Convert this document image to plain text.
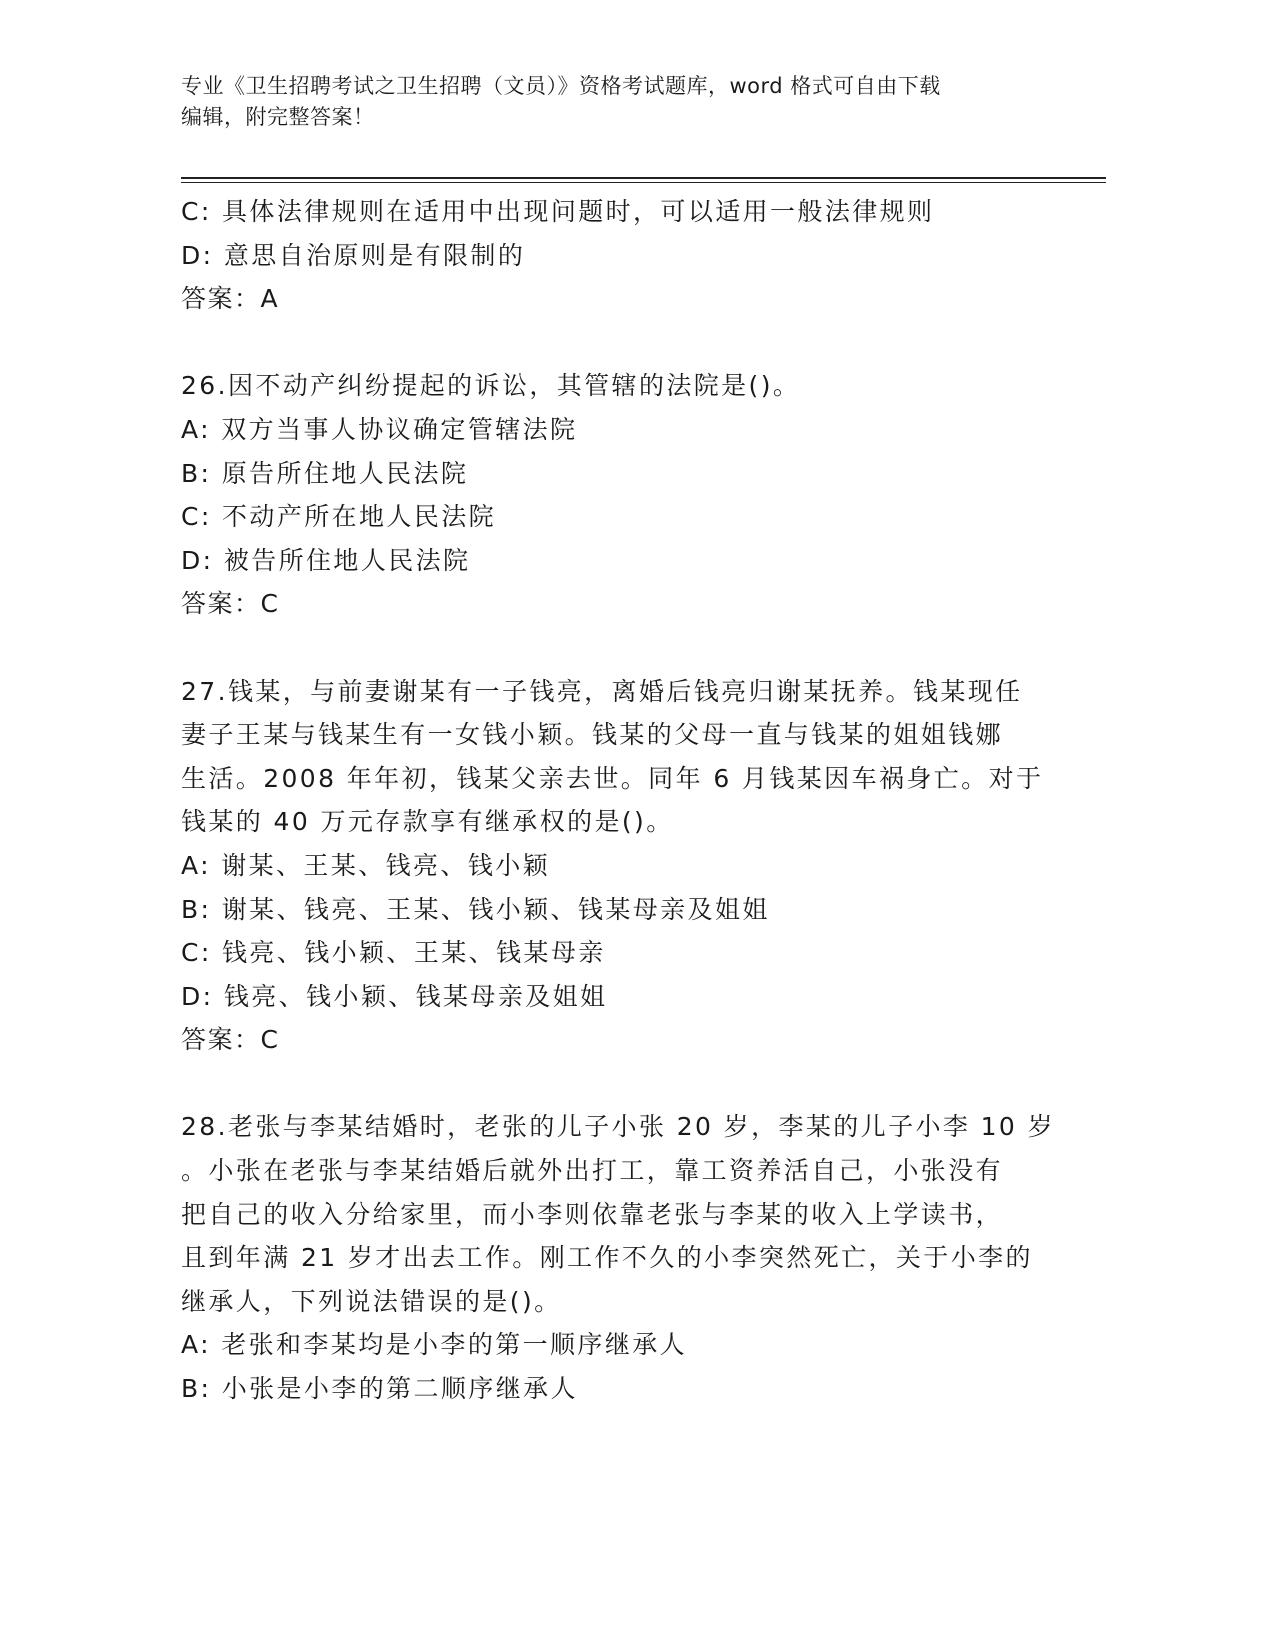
专业《卫生招聘考试之卫生招聘（文员）》资格考试题库，word 格式可自由下载
编辑，附完整答案！
C: 具体法律规则在适用中出现问题时，可以适用一般法律规则
D: 意思自治原则是有限制的
答案：A
26.因不动产纠纷提起的诉讼，其管辖的法院是()。
A: 双方当事人协议确定管辖法院
B: 原告所住地人民法院
C: 不动产所在地人民法院
D: 被告所住地人民法院
答案：C
27.钱某，与前妻谢某有一子钱亮，离婚后钱亮归谢某抚养。钱某现任
妻子王某与钱某生有一女钱小颖。钱某的父母一直与钱某的姐姐钱娜
生活。2008 年年初，钱某父亲去世。同年 6 月钱某因车祸身亡。对于
钱某的 40 万元存款享有继承权的是()。
A: 谢某、王某、钱亮、钱小颖
B: 谢某、钱亮、王某、钱小颖、钱某母亲及姐姐
C: 钱亮、钱小颖、王某、钱某母亲
D: 钱亮、钱小颖、钱某母亲及姐姐
答案：C
28.老张与李某结婚时，老张的儿子小张 20 岁，李某的儿子小李 10 岁
。小张在老张与李某结婚后就外出打工，靠工资养活自己，小张没有
把自己的收入分给家里，而小李则依靠老张与李某的收入上学读书，
且到年满 21 岁才出去工作。刚工作不久的小李突然死亡，关于小李的
继承人，下列说法错误的是()。
A: 老张和李某均是小李的第一顺序继承人
B: 小张是小李的第二顺序继承人
